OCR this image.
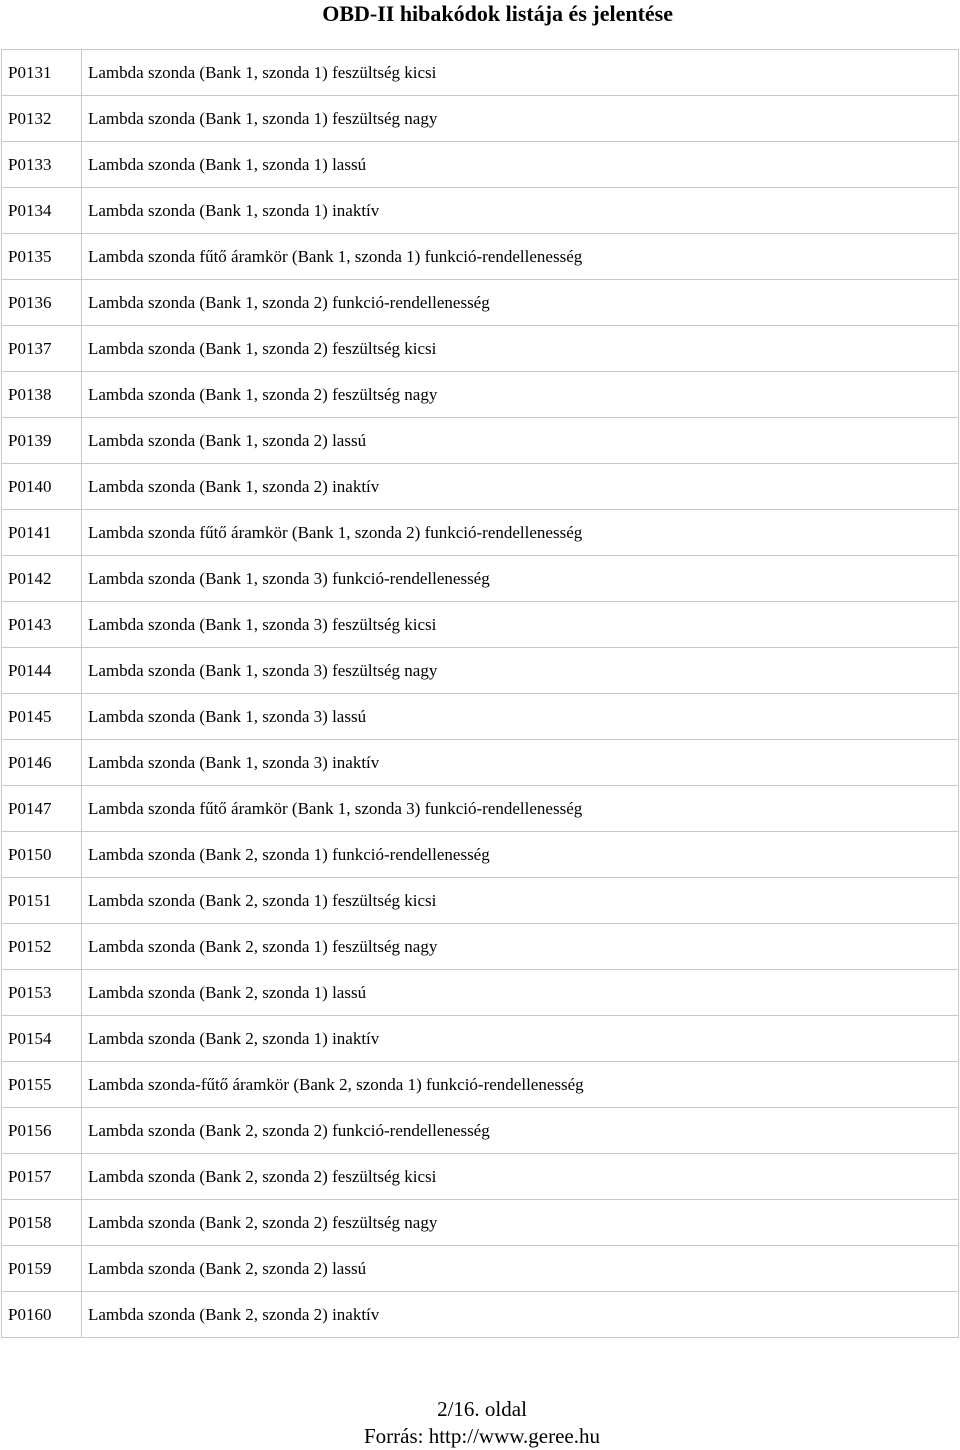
OBD-II hibakódok listája és jelentése
P0131	Lambda szonda (Bank 1, szonda 1) feszültség kicsi
P0132	Lambda szonda (Bank 1, szonda 1) feszültség nagy
P0133	Lambda szonda (Bank 1, szonda 1) lassú
P0134	Lambda szonda (Bank 1, szonda 1) inaktív
P0135	Lambda szonda fűtő áramkör (Bank 1, szonda 1) funkció-rendellenesség
P0136	Lambda szonda (Bank 1, szonda 2) funkció-rendellenesség
P0137	Lambda szonda (Bank 1, szonda 2) feszültség kicsi
P0138	Lambda szonda (Bank 1, szonda 2) feszültség nagy
P0139	Lambda szonda (Bank 1, szonda 2) lassú
P0140	Lambda szonda (Bank 1, szonda 2) inaktív
P0141	Lambda szonda fűtő áramkör (Bank 1, szonda 2) funkció-rendellenesség
P0142	Lambda szonda (Bank 1, szonda 3) funkció-rendellenesség
P0143	Lambda szonda (Bank 1, szonda 3) feszültség kicsi
P0144	Lambda szonda (Bank 1, szonda 3) feszültség nagy
P0145	Lambda szonda (Bank 1, szonda 3) lassú
P0146	Lambda szonda (Bank 1, szonda 3) inaktív
P0147	Lambda szonda fűtő áramkör (Bank 1, szonda 3) funkció-rendellenesség
P0150	Lambda szonda (Bank 2, szonda 1) funkció-rendellenesség
P0151	Lambda szonda (Bank 2, szonda 1) feszültség kicsi
P0152	Lambda szonda (Bank 2, szonda 1) feszültség nagy
P0153	Lambda szonda (Bank 2, szonda 1) lassú
P0154	Lambda szonda (Bank 2, szonda 1) inaktív
P0155	Lambda szonda-fűtő áramkör (Bank 2, szonda 1) funkció-rendellenesség
P0156	Lambda szonda (Bank 2, szonda 2) funkció-rendellenesség
P0157	Lambda szonda (Bank 2, szonda 2) feszültség kicsi
P0158	Lambda szonda (Bank 2, szonda 2) feszültség nagy
P0159	Lambda szonda (Bank 2, szonda 2) lassú
P0160	Lambda szonda (Bank 2, szonda 2) inaktív
2/16. oldal
Forrás: http://www.geree.hu
